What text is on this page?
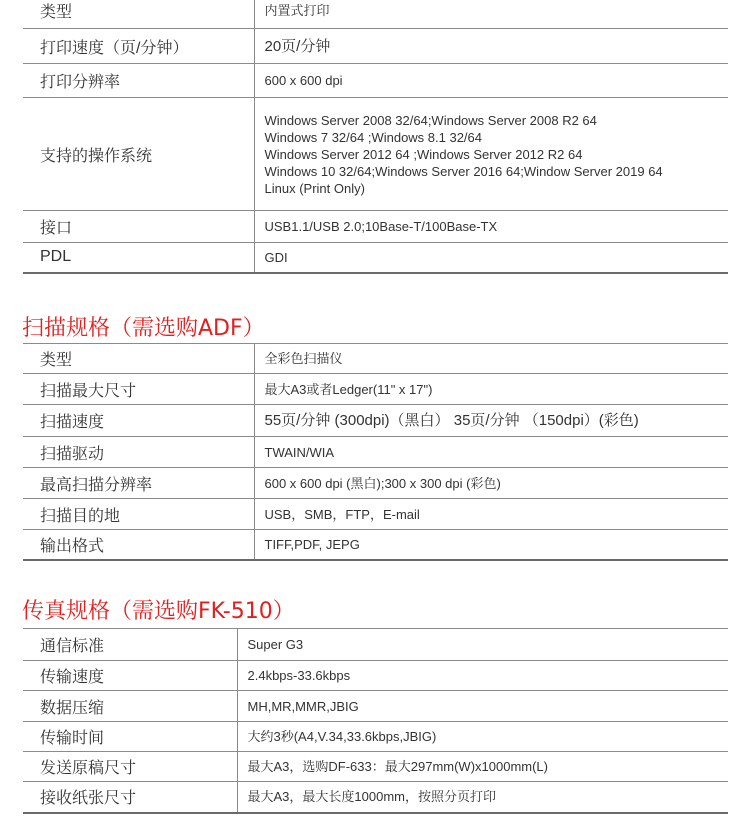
类型	内置式打印
打印速度（页/分钟）	20页/分钟
打印分辨率	600 x 600 dpi
支持的操作系统	Windows Server 2008 32/64;Windows Server 2008 R2 64
Windows 7 32/64 ;Windows 8.1 32/64
Windows Server 2012 64 ;Windows Server 2012 R2 64
Windows 10 32/64;Windows Server 2016 64;Window Server 2019 64
Linux (Print Only)

接口	USB1.1/USB 2.0;10Base-T/100Base-TX
PDL	GDI
扫描规格（需选购ADF）
类型	全彩色扫描仪
扫描最大尺寸	最大A3或者Ledger(11" x 17")
扫描速度	55页/分钟 (300dpi)（黑白） 35页/分钟 （150dpi）(彩色)
扫描驱动	TWAIN/WIA
最高扫描分辨率	600 x 600 dpi (黑白);300 x 300 dpi (彩色)
扫描目的地	USB，SMB，FTP，E-mail
输出格式	TIFF,PDF, JEPG
传真规格（需选购FK-510）
通信标准	Super G3
传输速度	2.4kbps-33.6kbps
数据压缩	MH,MR,MMR,JBIG
传输时间	大约3秒(A4,V.34,33.6kbps,JBIG)
发送原稿尺寸	最大A3，选购DF-633：最大297mm(W)x1000mm(L)
接收纸张尺寸	最大A3，最大长度1000mm，按照分页打印
